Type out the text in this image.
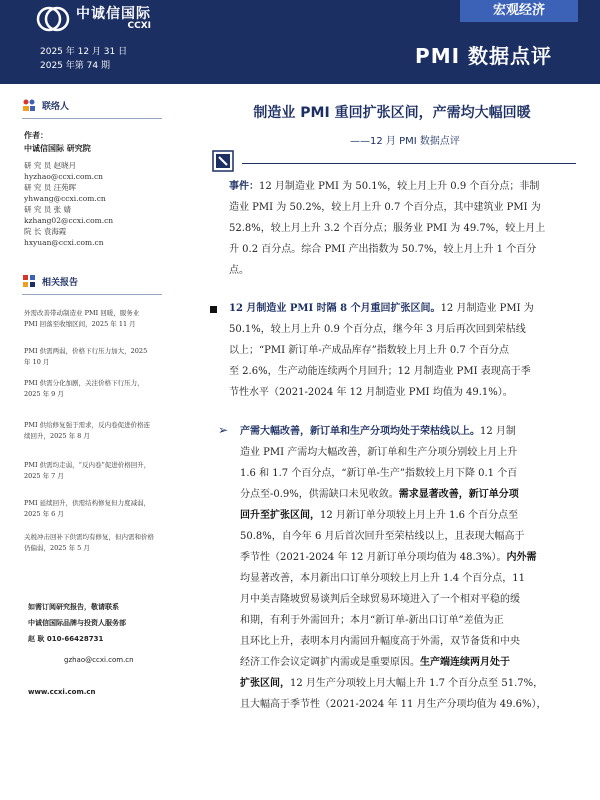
中诚信国际
CCXI
2025 年 12 月 31 日
2025 年第 74 期
宏观经济
PMI 数据点评
联络人
作者：
中诚信国际 研究院
研 究 员 赵晓月
hyzhao@ccxi.com.cn
研 究 员 汪苑晖
yhwang@ccxi.com.cn
研 究 员 张 婧
kzhang02@ccxi.com.cn
院 长 袁海霞
hxyuan@ccxi.com.cn
相关报告
外需改善带动制造业 PMI 回暖，服务业 PMI 回落至收缩区间，2025 年 11 月
PMI 供需两弱，价格下行压力加大，2025 年 10 月
PMI 供需分化加剧，关注价格下行压力，2025 年 9 月
PMI 供给修复强于需求，反内卷促进价格连续回升，2025 年 8 月
PMI 供需均走弱，“反内卷”促进价格回升，2025 年 7 月
PMI 延续回升，供需结构修复但力度减弱，2025 年 6 月
关税冲击回补下供需均有修复，但内需和价格仍偏弱，2025 年 5 月
如需订阅研究报告，敬请联系
中诚信国际品牌与投资人服务部
赵 耿 010-66428731
gzhao@ccxi.com.cn
www.ccxi.com.cn
制造业 PMI 重回扩张区间，产需均大幅回暖
——12 月 PMI 数据点评
事件：12 月制造业 PMI 为 50.1%，较上月上升 0.9 个百分点；非制
造业 PMI 为 50.2%，较上月上升 0.7 个百分点，其中建筑业 PMI 为
52.8%，较上月上升 3.2 个百分点；服务业 PMI 为 49.7%，较上月上
升 0.2 百分点。综合 PMI 产出指数为 50.7%，较上月上升 1 个百分
点。
12 月制造业 PMI 时隔 8 个月重回扩张区间。12 月制造业 PMI 为
50.1%，较上月上升 0.9 个百分点，继今年 3 月后再次回到荣枯线
以上；“PMI 新订单-产成品库存”指数较上月上升 0.7 个百分点
至 2.6%，生产动能连续两个月回升；12 月制造业 PMI 表现高于季
节性水平（2021-2024 年 12 月制造业 PMI 均值为 49.1%）。
➢ 产需大幅改善，新订单和生产分项均处于荣枯线以上。12 月制
造业 PMI 产需均大幅改善，新订单和生产分项分别较上月上升
1.6 和 1.7 个百分点，“新订单-生产”指数较上月下降 0.1 个百
分点至-0.9%，供需缺口未见收敛。需求显著改善，新订单分项
回升至扩张区间，12 月新订单分项较上月上升 1.6 个百分点至
50.8%，自今年 6 月后首次回升至荣枯线以上，且表现大幅高于
季节性（2021-2024 年 12 月新订单分项均值为 48.3%）。内外需
均显著改善，本月新出口订单分项较上月上升 1.4 个百分点，11
月中美吉隆坡贸易谈判后全球贸易环境进入了一个相对平稳的缓
和期，有利于外需回升；本月“新订单-新出口订单”差值为正
且环比上升，表明本月内需回升幅度高于外需，双节备货和中央
经济工作会议定调扩内需或是重要原因。生产端连续两月处于
扩张区间，12 月生产分项较上月大幅上升 1.7 个百分点至 51.7%，
且大幅高于季节性（2021-2024 年 11 月生产分项均值为 49.6%），
